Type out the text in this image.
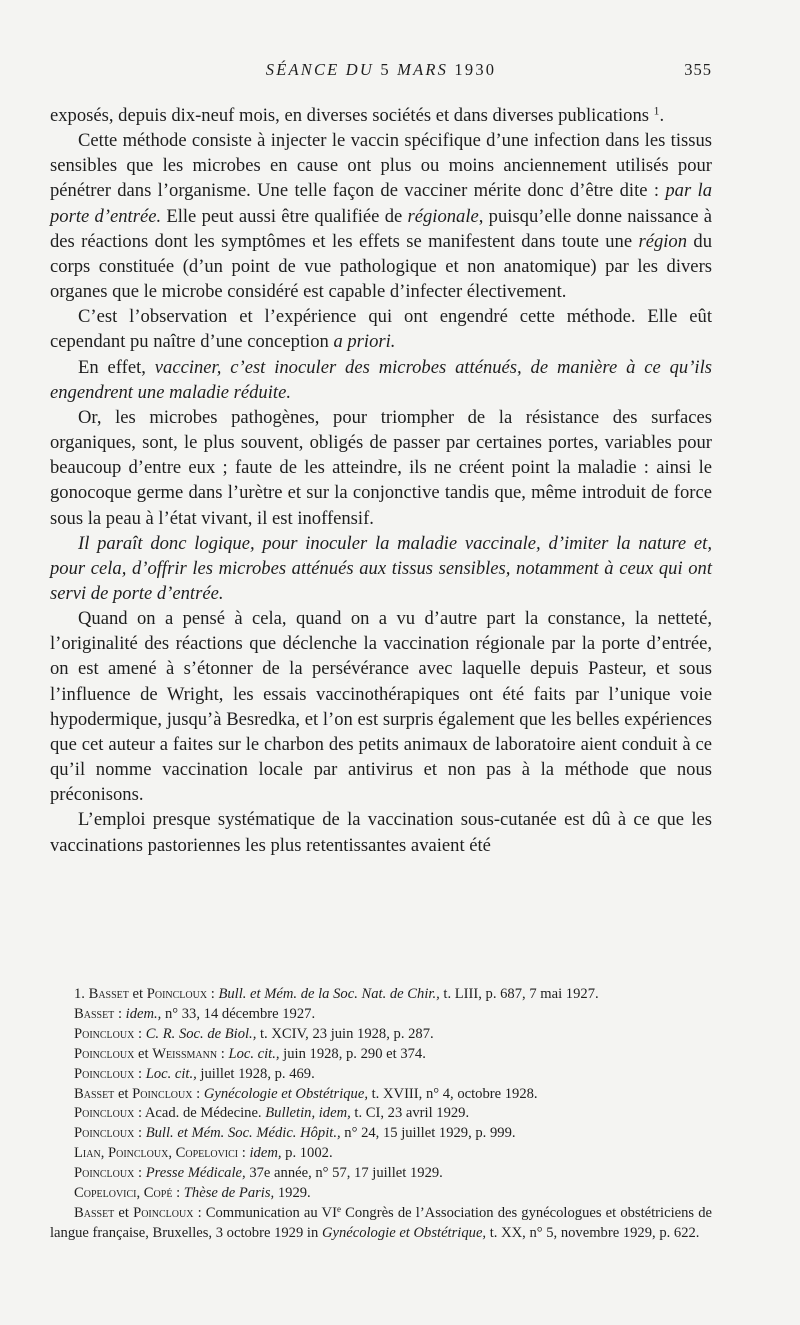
SÉANCE DU 5 MARS 1930	355

exposés, depuis dix-neuf mois, en diverses sociétés et dans diverses publications $^1$.

Cette méthode consiste à injecter le vaccin spécifique d’une infection dans les tissus sensibles que les microbes en cause ont plus ou moins anciennement utilisés pour pénétrer dans l’organisme. Une telle façon de vacciner mérite donc d’être dite : par la porte d’entrée. Elle peut aussi être qualifiée de régionale, puisqu’elle donne naissance à des réactions dont les symptômes et les effets se manifestent dans toute une région du corps constituée (d’un point de vue pathologique et non anatomique) par les divers organes que le microbe considéré est capable d’infecter électivement.

C’est l’observation et l’expérience qui ont engendré cette méthode. Elle eût cependant pu naître d’une conception a priori.

En effet, vacciner, c’est inoculer des microbes atténués, de manière à ce qu’ils engendrent une maladie réduite.

Or, les microbes pathogènes, pour triompher de la résistance des surfaces organiques, sont, le plus souvent, obligés de passer par certaines portes, variables pour beaucoup d’entre eux ; faute de les atteindre, ils ne créent point la maladie : ainsi le gonocoque germe dans l’urètre et sur la conjonctive tandis que, même introduit de force sous la peau à l’état vivant, il est inoffensif.

Il paraît donc logique, pour inoculer la maladie vaccinale, d’imiter la nature et, pour cela, d’offrir les microbes atténués aux tissus sensibles, notamment à ceux qui ont servi de porte d’entrée.

Quand on a pensé à cela, quand on a vu d’autre part la constance, la netteté, l’originalité des réactions que déclenche la vaccination régionale par la porte d’entrée, on est amené à s’étonner de la persévérance avec laquelle depuis Pasteur, et sous l’influence de Wright, les essais vaccinothérapiques ont été faits par l’unique voie hypodermique, jusqu’à Besredka, et l’on est surpris également que les belles expériences que cet auteur a faites sur le charbon des petits animaux de laboratoire aient conduit à ce qu’il nomme vaccination locale par antivirus et non pas à la méthode que nous préconisons.

L’emploi presque systématique de la vaccination sous-cutanée est dû à ce que les vaccinations pastoriennes les plus retentissantes avaient été

1. Basset et Poincloux : Bull. et Mém. de la Soc. Nat. de Chir., t. LIII, p. 687, 7 mai 1927.

Basset : idem., n° 33, 14 décembre 1927.

Poincloux : C. R. Soc. de Biol., t. XCIV, 23 juin 1928, p. 287.

Poincloux et Weissmann : Loc. cit., juin 1928, p. 290 et 374.

Poincloux : Loc. cit., juillet 1928, p. 469.

Basset et Poincloux : Gynécologie et Obstétrique, t. XVIII, n° 4, octobre 1928.

Poincloux : Acad. de Médecine. Bulletin, idem, t. CI, 23 avril 1929.

Poincloux : Bull. et Mém. Soc. Médic. Hôpit., n° 24, 15 juillet 1929, p. 999.

Lian, Poincloux, Copelovici : idem, p. 1002.

Poincloux : Presse Médicale, 37e année, n° 57, 17 juillet 1929.

Copelovici, Copé : Thèse de Paris, 1929.

Basset et Poincloux : Communication au VIe Congrès de l’Association des gynécologues et obstétriciens de langue française, Bruxelles, 3 octobre 1929 in Gynécologie et Obstétrique, t. XX, n° 5, novembre 1929, p. 622.
